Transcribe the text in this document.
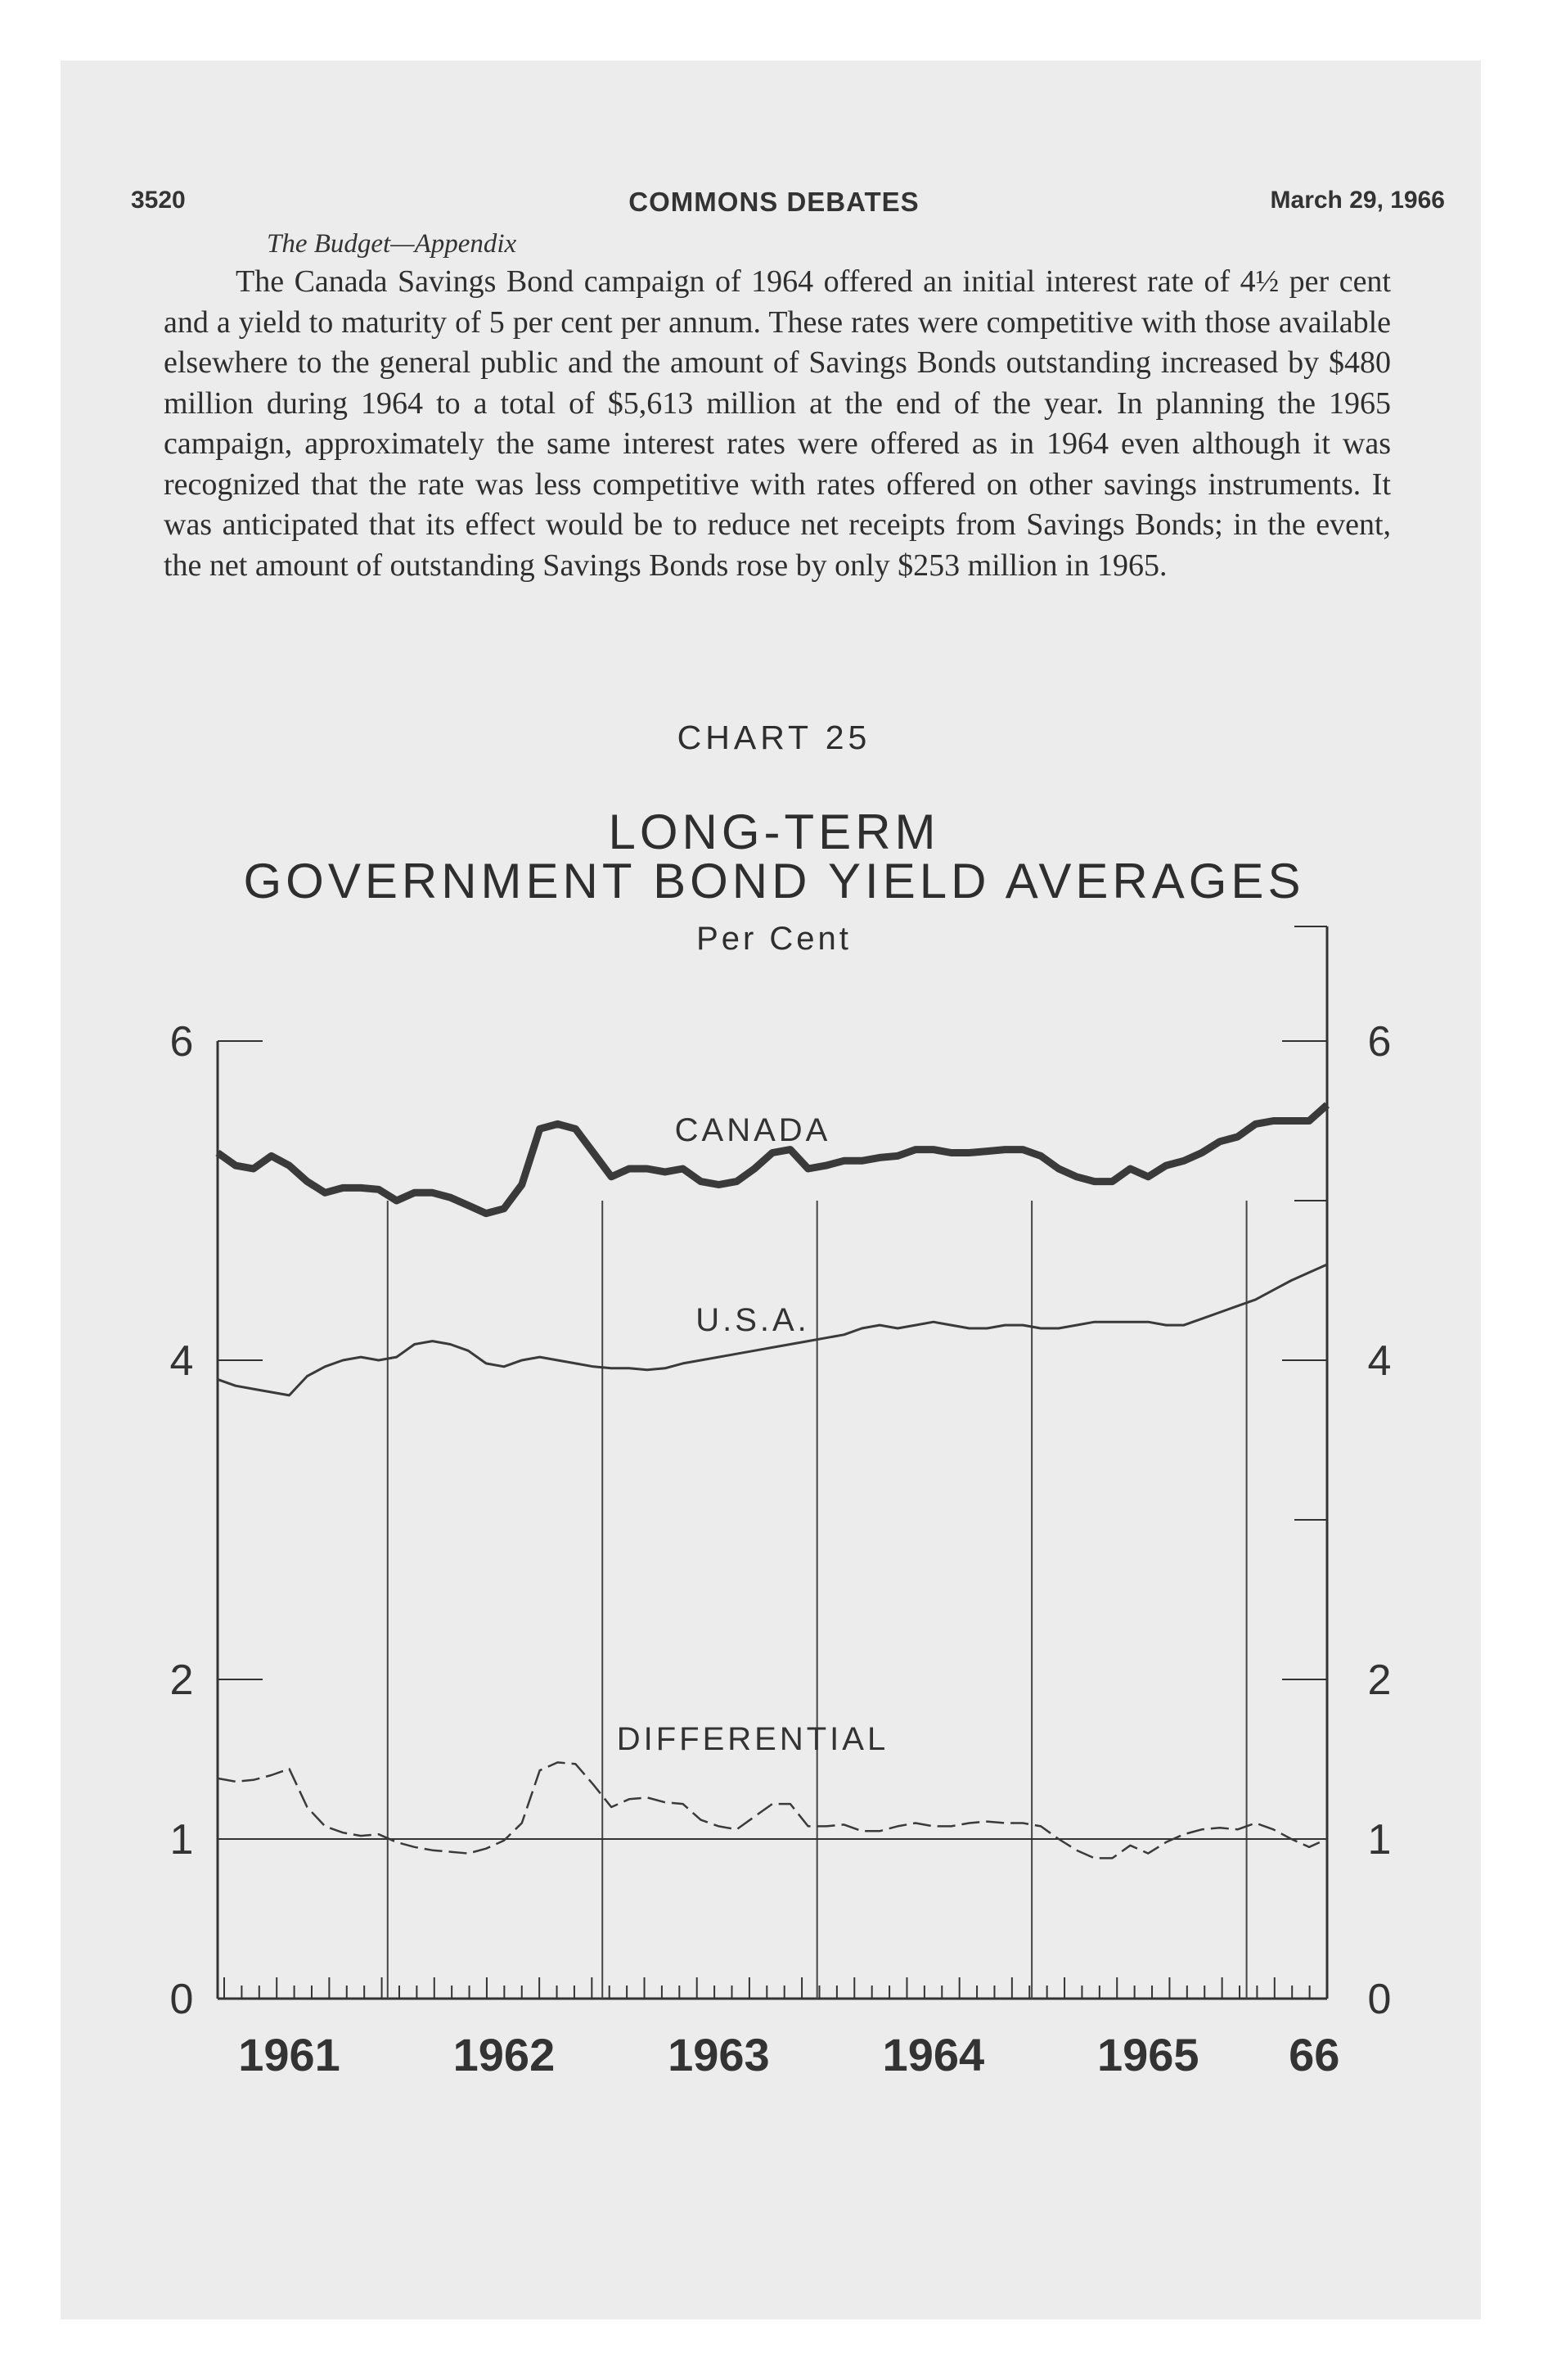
3520	COMMONS DEBATES	March 29, 1966
The Budget—Appendix

The Canada Savings Bond campaign of 1964 offered an initial interest rate of 4½ per cent and a yield to maturity of 5 per cent per annum. These rates were competitive with those available elsewhere to the general public and the amount of Savings Bonds outstanding increased by $480 million during 1964 to a total of $5,613 million at the end of the year. In planning the 1965 campaign, approximately the same interest rates were offered as in 1964 even although it was recognized that the rate was less competitive with rates offered on other savings instruments. It was anticipated that its effect would be to reduce net receipts from Savings Bonds; in the event, the net amount of outstanding Savings Bonds rose by only $253 million in 1965.

CHART 25
LONG-TERM
GOVERNMENT BOND YIELD AVERAGES
Per Cent
0	0
1	1
2	2
4	4
6	6
1961 1962 1963 1964 1965 66
CANADA
U.S.A.
DIFFERENTIAL
